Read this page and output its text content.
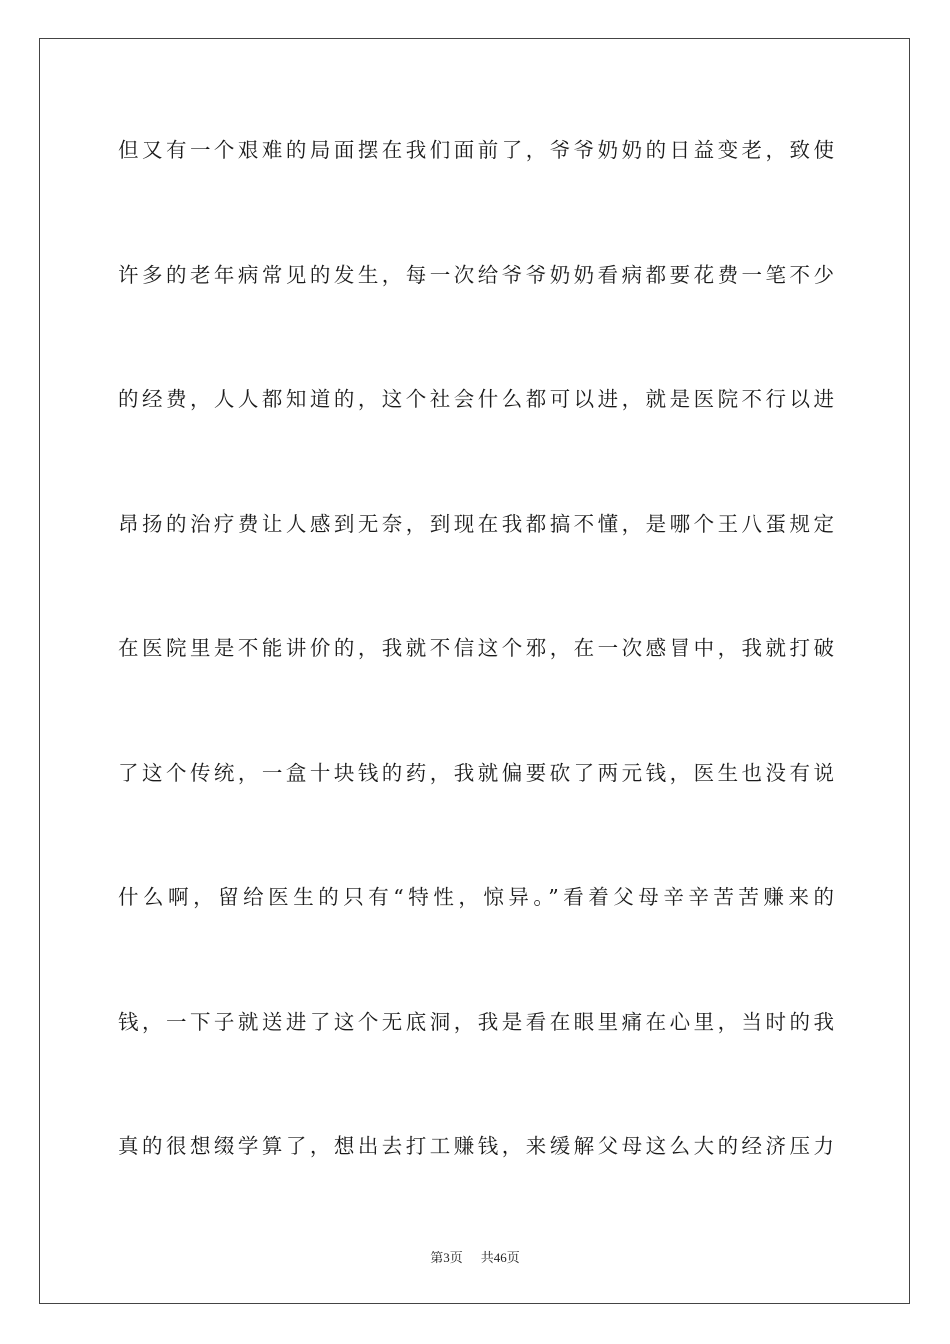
但又有一个艰难的局面摆在我们面前了，爷爷奶奶的日益变老，致使
许多的老年病常见的发生，每一次给爷爷奶奶看病都要花费一笔不少
的经费，人人都知道的，这个社会什么都可以进，就是医院不行以进
昂扬的治疗费让人感到无奈，到现在我都搞不懂，是哪个王八蛋规定
在医院里是不能讲价的，我就不信这个邪，在一次感冒中，我就打破
了这个传统，一盒十块钱的药，我就偏要砍了两元钱，医生也没有说
什么啊，留给医生的只有“特性，惊异。”看着父母辛辛苦苦赚来的
钱，一下子就送进了这个无底洞，我是看在眼里痛在心里，当时的我
真的很想缀学算了，想出去打工赚钱，来缓解父母这么大的经济压力
第3页 共46页
